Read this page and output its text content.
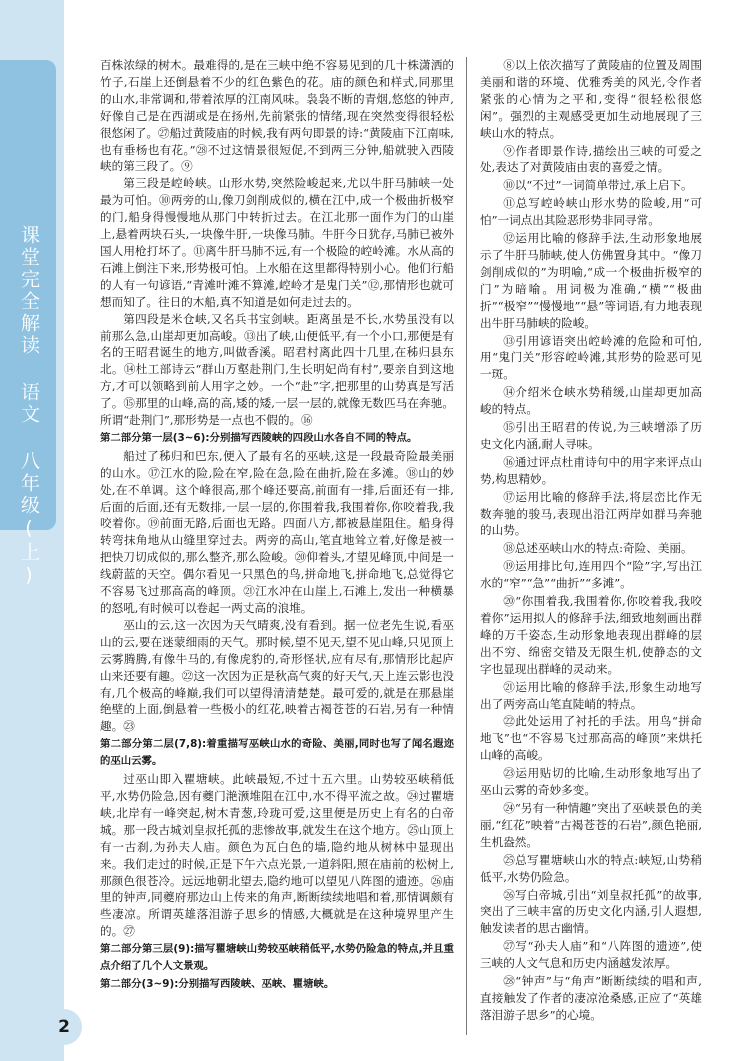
课堂完全解读 语文 八年级(上)

百株浓绿的树木。最难得的,是在三峡中绝不容易见到的几十株潇洒的竹子,石崖上还倒悬着不少的红色紫色的花。庙的颜色和样式,同那里的山水,非常调和,带着浓厚的江南风味。袅袅不断的青烟,悠悠的钟声,好像自己是在西湖或是在扬州,先前紧张的情绪,现在突然变得很轻松很悠闲了。㉗船过黄陵庙的时候,我有两句即景的诗:“黄陵庙下江南味,也有垂杨也有花。”㉘不过这情景很短促,不到两三分钟,船就驶入西陵峡的第三段了。⑨

第三段是崆岭峡。山形水势,突然险峻起来,尤以牛肝马肺峡一处最为可怕。⑩两旁的山,像刀剑削成似的,横在江中,成一个极曲折极窄的门,船身得慢慢地从那门中转折过去。在江北那一面作为门的山崖上,悬着两块石头,一块像牛肝,一块像马肺。牛肝今日犹存,马肺已被外国人用枪打坏了。⑪离牛肝马肺不远,有一个极险的崆岭滩。水从高的石滩上倒注下来,形势极可怕。上水船在这里都得特别小心。他们行船的人有一句谚语,“青滩叶滩不算滩,崆岭才是鬼门关”⑫,那情形也就可想而知了。往日的木船,真不知道是如何走过去的。

第四段是米仓峡,又名兵书宝剑峡。距离虽是不长,水势虽没有以前那么急,山崖却更加高峻。⑬出了峡,山便低平,有一个小口,那便是有名的王昭君诞生的地方,叫做香溪。昭君村离此四十几里,在秭归县东北。⑭杜工部诗云“群山万壑赴荆门,生长明妃尚有村”,要亲自到这地方,才可以领略到前人用字之妙。一个“赴”字,把那里的山势真是写活了。⑮那里的山峰,高的高,矮的矮,一层一层的,就像无数匹马在奔驰。所谓“赴荆门”,那形势是一点也不假的。⑯

第二部分第一层(3~6):分别描写西陵峡的四段山水各自不同的特点。

船过了秭归和巴东,便入了最有名的巫峡,这是一段最奇险最美丽的山水。⑰江水的险,险在窄,险在急,险在曲折,险在多滩。⑱山的妙处,在不单调。这个峰很高,那个峰还要高,前面有一排,后面还有一排,后面的后面,还有无数排,一层一层的,你围着我,我围着你,你咬着我,我咬着你。⑲前面无路,后面也无路。四面八方,都被悬崖阻住。船身得转弯抹角地从山缝里穿过去。两旁的高山,笔直地耸立着,好像是被一把快刀切成似的,那么整齐,那么险峻。⑳仰着头,才望见峰顶,中间是一线蔚蓝的天空。偶尔看见一只黑色的鸟,拼命地飞,拼命地飞,总觉得它不容易飞过那高高的峰顶。㉑江水冲在山崖上,石滩上,发出一种横暴的怒吼,有时候可以卷起一两丈高的浪堆。

巫山的云,这一次因为天气晴爽,没有看到。据一位老先生说,看巫山的云,要在迷蒙细雨的天气。那时候,望不见天,望不见山峰,只见顶上云雾腾腾,有像牛马的,有像虎豹的,奇形怪状,应有尽有,那情形比起庐山来还要有趣。㉒这一次因为正是秋高气爽的好天气,天上连云影也没有,几个极高的峰巅,我们可以望得清清楚楚。最可爱的,就是在那悬崖绝壁的上面,倒悬着一些极小的红花,映着古褐苍苍的石岩,另有一种情趣。㉓

第二部分第二层(7,8):着重描写巫峡山水的奇险、美丽,同时也写了闻名遐迩的巫山云雾。

过巫山即入瞿塘峡。此峡最短,不过十五六里。山势较巫峡稍低平,水势仍险急,因有夔门滟滪堆阻在江中,水不得平流之故。㉔过瞿塘峡,北岸有一峰突起,树木青葱,玲珑可爱,这里便是历史上有名的白帝城。那一段古城刘皇叔托孤的悲惨故事,就发生在这个地方。㉕山顶上有一古刹,为孙夫人庙。颜色为瓦白色的墙,隐约地从树林中显现出来。我们走过的时候,正是下午六点光景,一道斜阳,照在庙前的松树上,那颜色很苍冷。远远地朝北望去,隐约地可以望见八阵图的遗迹。㉖庙里的钟声,同夔府那边山上传来的角声,断断续续地唱和着,那情调颇有些凄凉。所谓英雄落泪游子思乡的情感,大概就是在这种境界里产生的。㉗

第二部分第三层(9):描写瞿塘峡山势较巫峡稍低平,水势仍险急的特点,并且重点介绍了几个人文景观。

第二部分(3~9):分别描写西陵峡、巫峡、瞿塘峡。

⑧以上依次描写了黄陵庙的位置及周围美丽和谐的环境、优雅秀美的风光,令作者紧张的心情为之平和,变得“很轻松很悠闲”。强烈的主观感受更加生动地展现了三峡山水的特点。

⑨作者即景作诗,描绘出三峡的可爱之处,表达了对黄陵庙由衷的喜爱之情。

⑩以“不过”一词简单带过,承上启下。

⑪总写崆岭峡山形水势的险峻,用“可怕”一词点出其险恶形势非同寻常。

⑫运用比喻的修辞手法,生动形象地展示了牛肝马肺峡,使人仿佛置身其中。“像刀剑削成似的”为明喻,“成一个极曲折极窄的门”为暗喻。用词极为准确,“横”“极曲折”“极窄”“慢慢地”“悬”等词语,有力地表现出牛肝马肺峡的险峻。

⑬引用谚语突出崆岭滩的危险和可怕,用“鬼门关”形容崆岭滩,其形势的险恶可见一斑。

⑭介绍米仓峡水势稍缓,山崖却更加高峻的特点。

⑮引出王昭君的传说,为三峡增添了历史文化内涵,耐人寻味。

⑯通过评点杜甫诗句中的用字来评点山势,构思精妙。

⑰运用比喻的修辞手法,将层峦比作无数奔驰的骏马,表现出沿江两岸如群马奔驰的山势。

⑱总述巫峡山水的特点:奇险、美丽。

⑲运用排比句,连用四个“险”字,写出江水的“窄”“急”“曲折”“多滩”。

⑳“你围着我,我围着你,你咬着我,我咬着你”运用拟人的修辞手法,细致地刻画出群峰的万千姿态,生动形象地表现出群峰的层出不穷、绵密交错及无限生机,使静态的文字也显现出群峰的灵动来。

㉑运用比喻的修辞手法,形象生动地写出了两旁高山笔直陡峭的特点。

㉒此处运用了衬托的手法。用鸟“拼命地飞”也“不容易飞过那高高的峰顶”来烘托山峰的高峻。

㉓运用贴切的比喻,生动形象地写出了巫山云雾的奇妙多变。

㉔“另有一种情趣”突出了巫峡景色的美丽,“红花”映着“古褐苍苍的石岩”,颜色艳丽,生机盎然。

㉕总写瞿塘峡山水的特点:峡短,山势稍低平,水势仍险急。

㉖写白帝城,引出“刘皇叔托孤”的故事,突出了三峡丰富的历史文化内涵,引人遐想,触发读者的思古幽情。

㉗写“孙夫人庙”和“八阵图的遗迹”,使三峡的人文气息和历史内涵越发浓厚。

㉘“钟声”与“角声”断断续续的唱和声,直接触发了作者的凄凉沧桑感,正应了“英雄落泪游子思乡”的心境。

2
